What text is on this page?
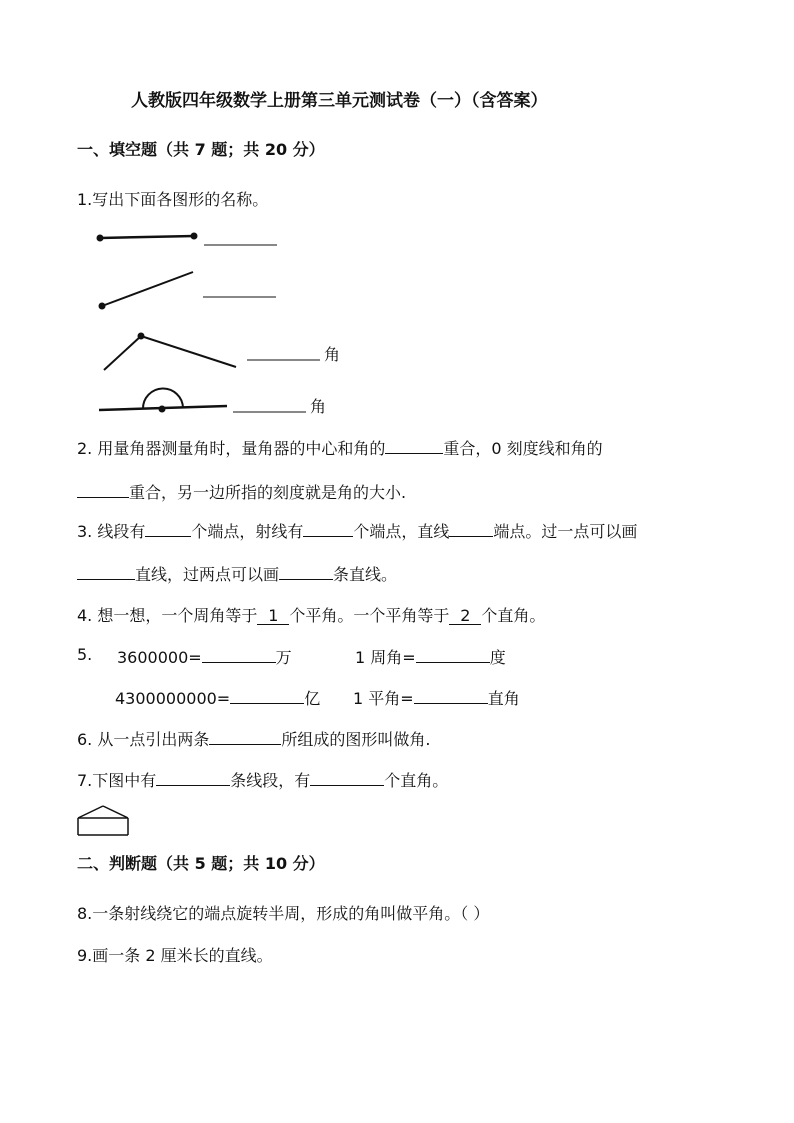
人教版四年级数学上册第三单元测试卷（一）（含答案）
一、填空题（共 7 题；共 20 分）
1.写出下面各图形的名称。
角
角
2. 用量角器测量角时，量角器的中心和角的	重合，0 刻度线和角的
重合，另一边所指的刻度就是角的大小.
3. 线段有	个端点，射线有	个端点，直线	端点。过一点可以画
直线，过两点可以画	条直线。
4. 想一想，一个周角等于 1 个平角。一个平角等于 2 个直角。
5. 3600000=	万	1 周角=	度
4300000000=	亿 1 平角=	直角
6. 从一点引出两条	所组成的图形叫做角.
7.下图中有	条线段，有	个直角。
二、判断题（共 5 题；共 10 分）
8.一条射线绕它的端点旋转半周，形成的角叫做平角。（ ）
9.画一条 2 厘米长的直线。
